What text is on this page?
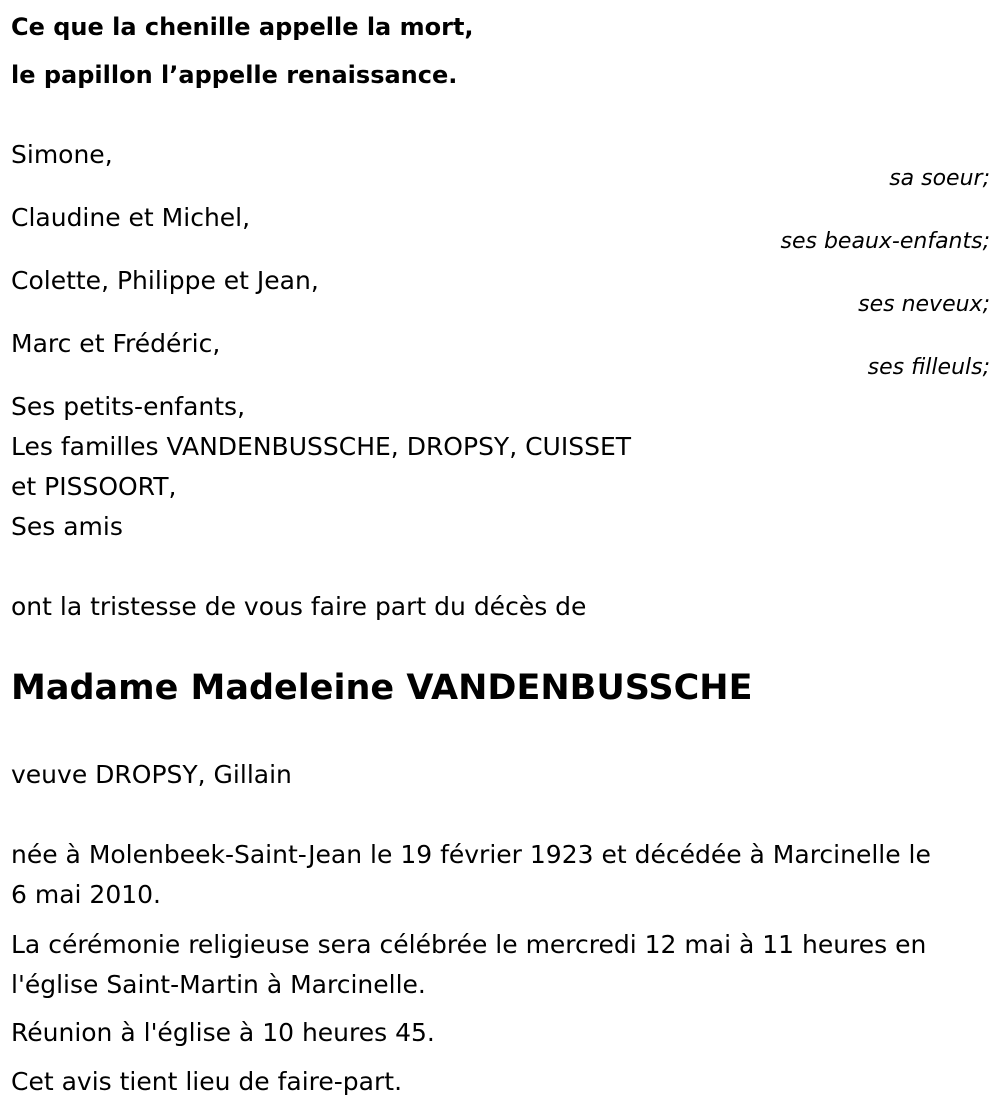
Ce que la chenille appelle la mort,
le papillon l’appelle renaissance.
Simone,
sa soeur;
Claudine et Michel,
ses beaux-enfants;
Colette, Philippe et Jean,
ses neveux;
Marc et Frédéric,
ses filleuls;
Ses petits-enfants,
Les familles VANDENBUSSCHE, DROPSY, CUISSET
et PISSOORT,
Ses amis
ont la tristesse de vous faire part du décès de
Madame Madeleine VANDENBUSSCHE
veuve DROPSY, Gillain
née à Molenbeek-Saint-Jean le 19 février 1923 et décédée à Marcinelle le
6 mai 2010.
La cérémonie religieuse sera célébrée le mercredi 12 mai à 11 heures en
l'église Saint-Martin à Marcinelle.
Réunion à l'église à 10 heures 45.
Cet avis tient lieu de faire-part.
